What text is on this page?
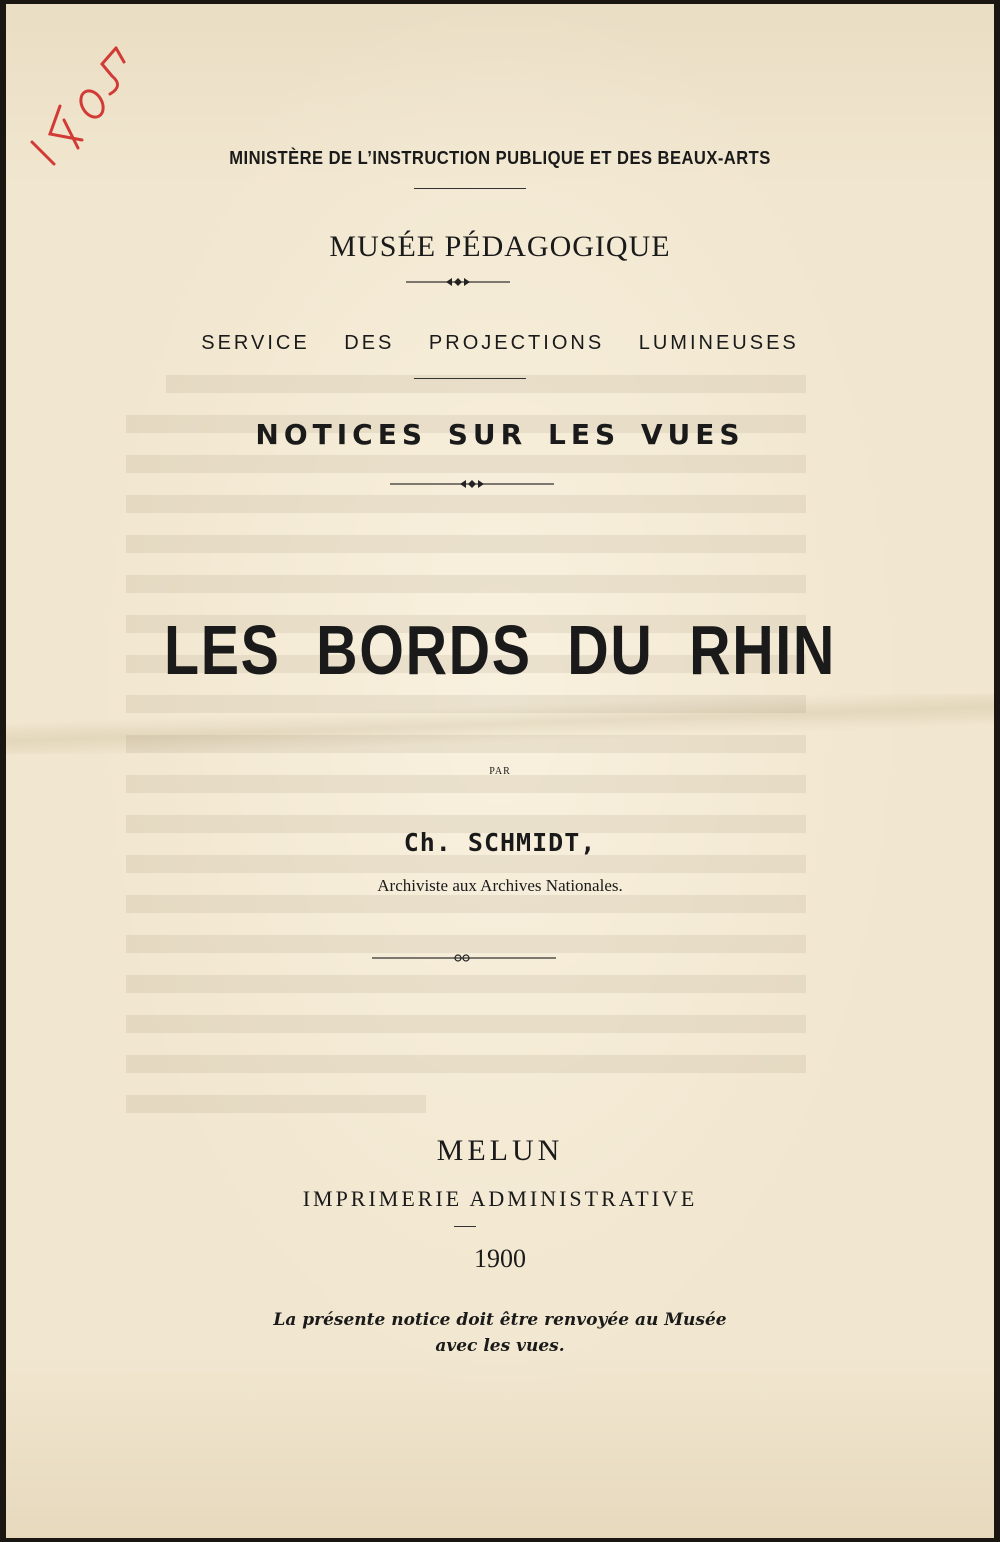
MINISTÈRE DE L’INSTRUCTION PUBLIQUE ET DES BEAUX-ARTS
MUSÉE PÉDAGOGIQUE
SERVICE DES PROJECTIONS LUMINEUSES
NOTICES SUR LES VUES
LES BORDS DU RHIN
PAR
Ch. SCHMIDT,
Archiviste aux Archives Nationales.
MELUN
IMPRIMERIE ADMINISTRATIVE
1900
La présente notice doit être renvoyée au Musée
avec les vues.
